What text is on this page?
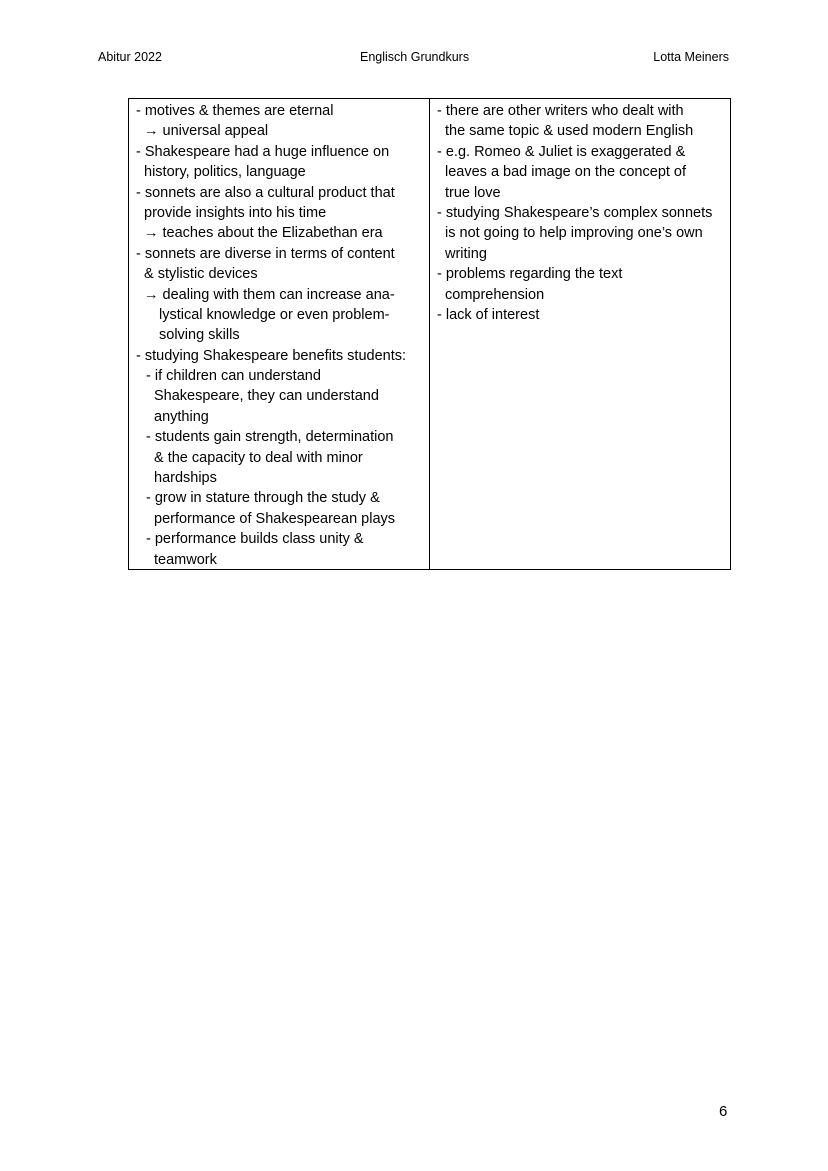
Abitur 2022	Englisch Grundkurs	Lotta Meiners
- motives & themes are eternal
→ universal appeal
- Shakespeare had a huge influence on
history, politics, language
- sonnets are also a cultural product that
provide insights into his time
→ teaches about the Elizabethan era
- sonnets are diverse in terms of content
& stylistic devices
→ dealing with them can increase ana-
lystical knowledge or even problem-
solving skills
- studying Shakespeare benefits students:
- if children can understand
Shakespeare, they can understand
anything
- students gain strength, determination
& the capacity to deal with minor
hardships
- grow in stature through the study &
performance of Shakespearean plays
- performance builds class unity &
teamwork
- there are other writers who dealt with
the same topic & used modern English
- e.g. Romeo & Juliet is exaggerated &
leaves a bad image on the concept of
true love
- studying Shakespeare’s complex sonnets
is not going to help improving one’s own
writing
- problems regarding the text
comprehension
- lack of interest
6
